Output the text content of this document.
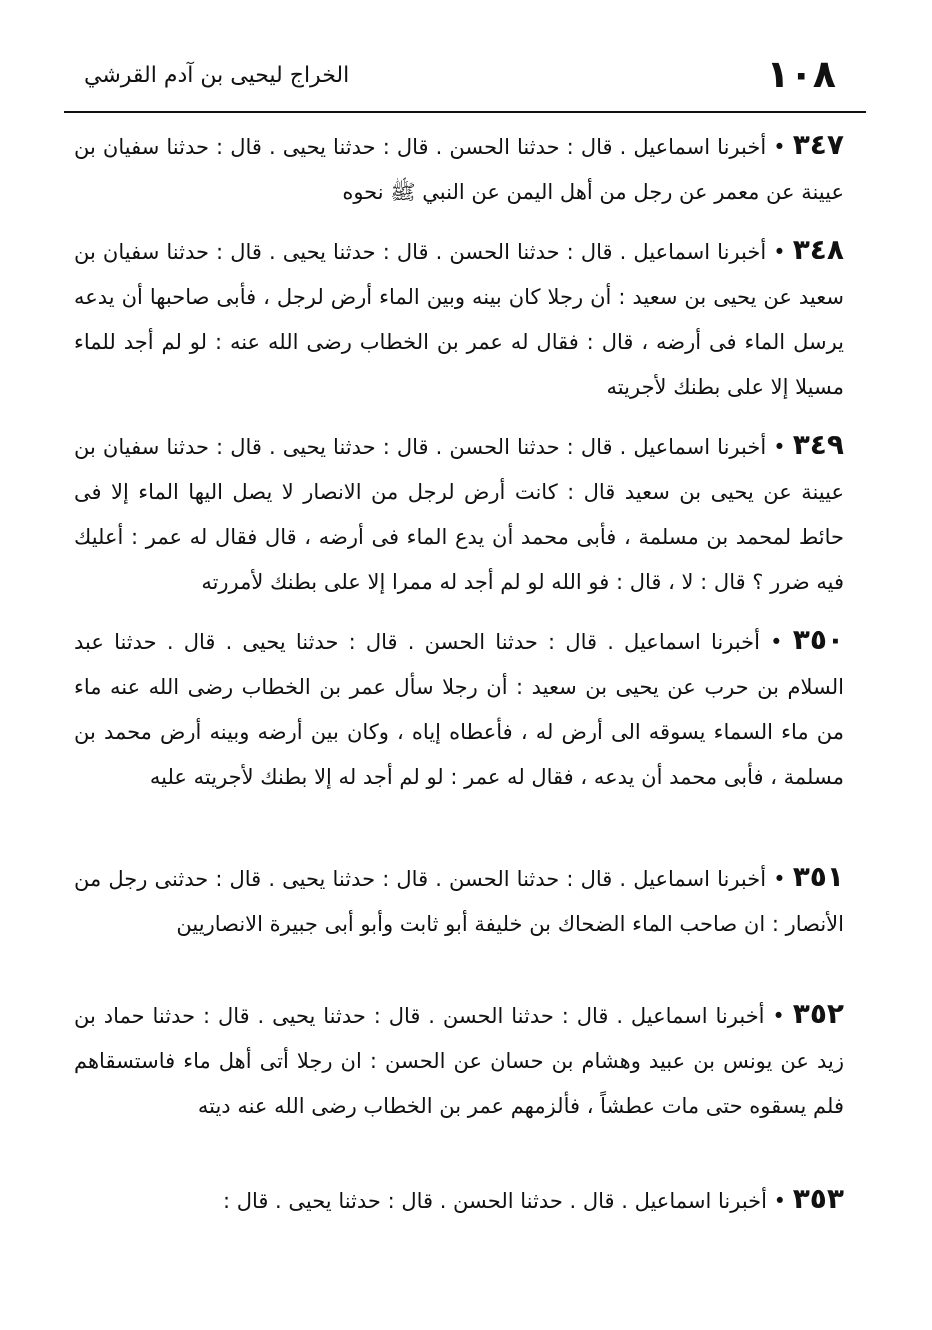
١٠٨
الخراج ليحيى بن آدم القرشي

٣٤٧ • أخبرنا اسماعيل . قال : حدثنا الحسن . قال : حدثنا يحيى . قال : حدثنا سفيان بن عيينة عن معمر عن رجل من أهل اليمن عن النبي ﷺ نحوه

٣٤٨ • أخبرنا اسماعيل . قال : حدثنا الحسن . قال : حدثنا يحيى . قال : حدثنا سفيان بن سعيد عن يحيى بن سعيد : أن رجلا كان بينه وبين الماء أرض لرجل ، فأبى صاحبها أن يدعه يرسل الماء فى أرضه ، قال : فقال له عمر بن الخطاب رضى الله عنه : لو لم أجد للماء مسيلا إلا على بطنك لأجريته

٣٤٩ • أخبرنا اسماعيل . قال : حدثنا الحسن . قال : حدثنا يحيى . قال : حدثنا سفيان بن عيينة عن يحيى بن سعيد قال : كانت أرض لرجل من الانصار لا يصل اليها الماء إلا فى حائط لمحمد بن مسلمة ، فأبى محمد أن يدع الماء فى أرضه ، قال فقال له عمر : أعليك فيه ضرر ؟ قال : لا ، قال : فو الله لو لم أجد له ممرا إلا على بطنك لأمررته

٣٥٠ • أخبرنا اسماعيل . قال : حدثنا الحسن . قال : حدثنا يحيى . قال . حدثنا عبد السلام بن حرب عن يحيى بن سعيد : أن رجلا سأل عمر بن الخطاب رضى الله عنه ماء من ماء السماء يسوقه الى أرض له ، فأعطاه إياه ، وكان بين أرضه وبينه أرض محمد بن مسلمة ، فأبى محمد أن يدعه ، فقال له عمر : لو لم أجد له إلا بطنك لأجريته عليه

٣٥١ • أخبرنا اسماعيل . قال : حدثنا الحسن . قال : حدثنا يحيى . قال : حدثنى رجل من الأنصار : ان صاحب الماء الضحاك بن خليفة أبو ثابت وأبو أبى جبيرة الانصاريين

٣٥٢ • أخبرنا اسماعيل . قال : حدثنا الحسن . قال : حدثنا يحيى . قال : حدثنا حماد بن زيد عن يونس بن عبيد وهشام بن حسان عن الحسن : ان رجلا أتى أهل ماء فاستسقاهم فلم يسقوه حتى مات عطشاً ، فألزمهم عمر بن الخطاب رضى الله عنه ديته

٣٥٣ • أخبرنا اسماعيل . قال . حدثنا الحسن . قال : حدثنا يحيى . قال :
